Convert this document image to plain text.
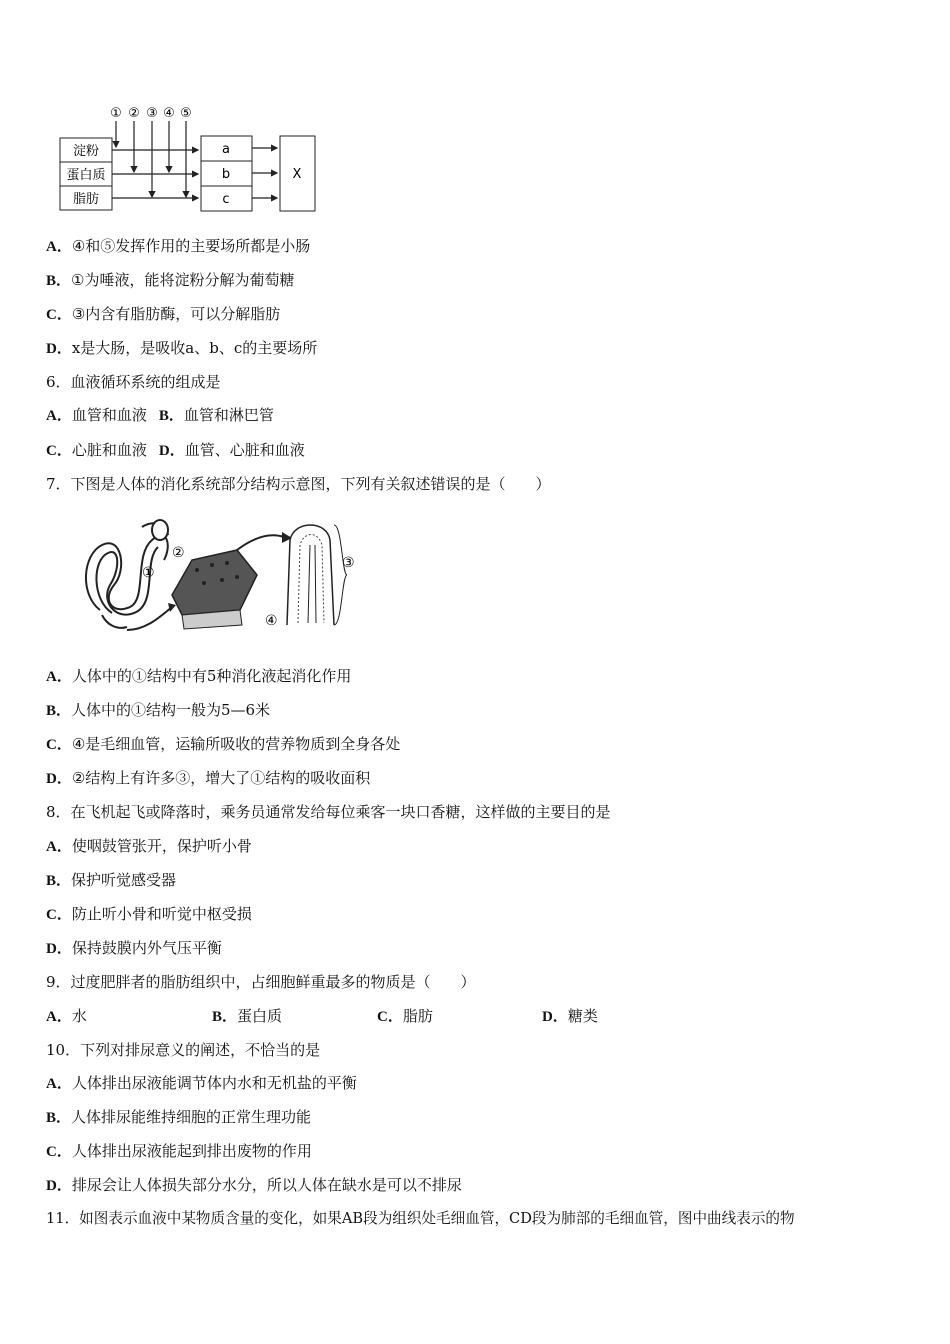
① ② ③ ④ ⑤
淀粉
蛋白质
脂肪
a
b
c
X
A．④和⑤发挥作用的主要场所都是小肠
B．①为唾液，能将淀粉分解为葡萄糖
C．③内含有脂肪酶，可以分解脂肪
D．x是大肠，是吸收a、b、c的主要场所
6．血液循环系统的组成是
A．血管和血液 B．血管和淋巴管
C．心脏和血液 D．血管、心脏和血液
7．下图是人体的消化系统部分结构示意图，下列有关叙述错误的是（　　）
①
②
③
④
A．人体中的①结构中有5种消化液起消化作用
B．人体中的①结构一般为5—6米
C．④是毛细血管，运输所吸收的营养物质到全身各处
D．②结构上有许多③，增大了①结构的吸收面积
8．在飞机起飞或降落时，乘务员通常发给每位乘客一块口香糖，这样做的主要目的是
A．使咽鼓管张开，保护听小骨
B．保护听觉感受器
C．防止听小骨和听觉中枢受损
D．保持鼓膜内外气压平衡
9．过度肥胖者的脂肪组织中，占细胞鲜重最多的物质是（　　）
A．水	B．蛋白质	C．脂肪	D．糖类
10．下列对排尿意义的阐述，不恰当的是
A．人体排出尿液能调节体内水和无机盐的平衡
B．人体排尿能维持细胞的正常生理功能
C．人体排出尿液能起到排出废物的作用
D．排尿会让人体损失部分水分，所以人体在缺水是可以不排尿
11．如图表示血液中某物质含量的变化，如果AB段为组织处毛细血管，CD段为肺部的毛细血管，图中曲线表示的物
